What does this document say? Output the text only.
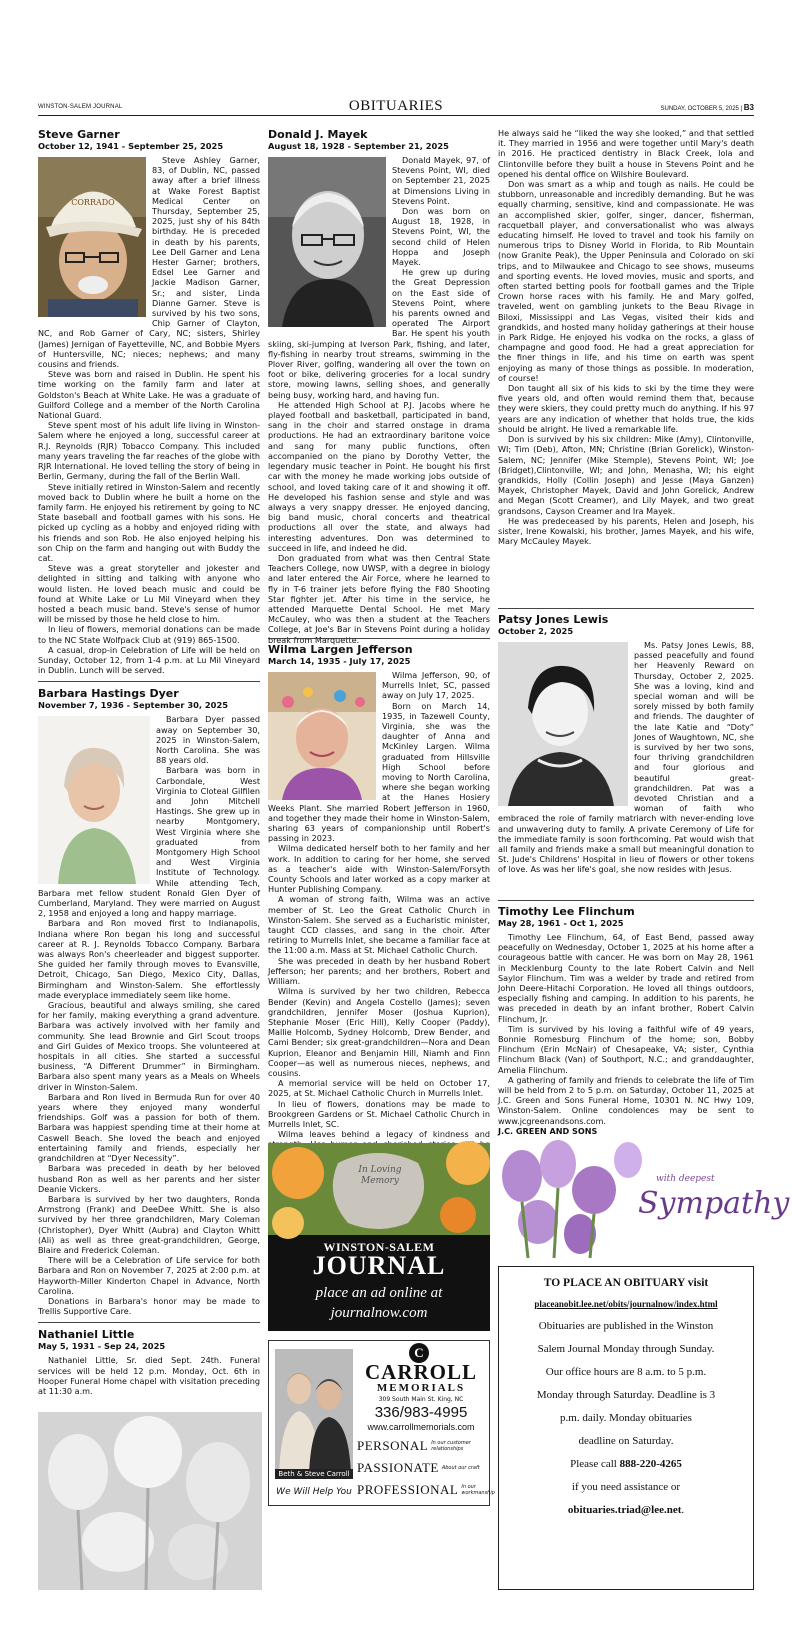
WINSTON-SALEM JOURNAL	OBITUARIES	SUNDAY, OCTOBER 5, 2025 | B3
Steve Garner
October 12, 1941 - September 25, 2025
CORRADO

Steve Ashley Garner, 83, of Dublin, NC, passed away after a brief illness at Wake Forest Baptist Medical Center on Thursday, September 25, 2025, just shy of his 84th birthday. He is preceded in death by his parents, Lee Dell Garner and Lena Hester Garner; brothers, Edsel Lee Garner and Jackie Madison Garner, Sr.; and sister, Linda Dianne Garner. Steve is survived by his two sons, Chip Garner of Clayton, NC, and Rob Garner of Cary, NC; sisters, Shirley (James) Jernigan of Fayetteville, NC, and Bobbie Myers of Huntersville, NC; nieces; nephews; and many cousins and friends.

Steve was born and raised in Dublin. He spent his time working on the family farm and later at Goldston's Beach at White Lake. He was a graduate of Guilford College and a member of the North Carolina National Guard.

Steve spent most of his adult life living in Winston-Salem where he enjoyed a long, successful career at R.J. Reynolds (RJR) Tobacco Company. This included many years traveling the far reaches of the globe with RJR International. He loved telling the story of being in Berlin, Germany, during the fall of the Berlin Wall.

Steve initially retired in Winston-Salem and recently moved back to Dublin where he built a home on the family farm. He enjoyed his retirement by going to NC State baseball and football games with his sons. He picked up cycling as a hobby and enjoyed riding with his friends and son Rob. He also enjoyed helping his son Chip on the farm and hanging out with Buddy the cat.

Steve was a great storyteller and jokester and delighted in sitting and talking with anyone who would listen. He loved beach music and could be found at White Lake or Lu Mil Vineyard when they hosted a beach music band. Steve's sense of humor will be missed by those he held close to him.

In lieu of flowers, memorial donations can be made to the NC State Wolfpack Club at (919) 865-1500.

A casual, drop-in Celebration of Life will be held on Sunday, October 12, from 1-4 p.m. at Lu Mil Vineyard in Dublin. Lunch will be served.

Barbara Hastings Dyer
November 7, 1936 - September 30, 2025

Barbara Dyer passed away on September 30, 2025 in Winston-Salem, North Carolina. She was 88 years old.

Barbara was born in Carbondale, West Virginia to Cloteal Gilfilen and John Mitchell Hastings. She grew up in nearby Montgomery, West Virginia where she graduated from Montgomery High School and West Virginia Institute of Technology. While attending Tech, Barbara met fellow student Ronald Glen Dyer of Cumberland, Maryland. They were married on August 2, 1958 and enjoyed a long and happy marriage.

Barbara and Ron moved first to Indianapolis, Indiana where Ron began his long and successful career at R. J. Reynolds Tobacco Company. Barbara was always Ron's cheerleader and biggest supporter. She guided her family through moves to Evansville, Detroit, Chicago, San Diego, Mexico City, Dallas, Birmingham and Winston-Salem. She effortlessly made everyplace immediately seem like home.

Gracious, beautiful and always smiling, she cared for her family, making everything a grand adventure. Barbara was actively involved with her family and community. She lead Brownie and Girl Scout troops and Girl Guides of Mexico troops. She volunteered at hospitals in all cities. She started a successful business, “A Different Drummer” in Birmingham. Barbara also spent many years as a Meals on Wheels driver in Winston-Salem.

Barbara and Ron lived in Bermuda Run for over 40 years where they enjoyed many wonderful friendships. Golf was a passion for both of them. Barbara was happiest spending time at their home at Caswell Beach. She loved the beach and enjoyed entertaining family and friends, especially her grandchildren at “Dyer Necessity”.

Barbara was preceded in death by her beloved husband Ron as well as her parents and her sister Deanie Vickers.

Barbara is survived by her two daughters, Ronda Armstrong (Frank) and DeeDee Whitt. She is also survived by her three grandchildren, Mary Coleman (Christopher), Dyer Whitt (Aubra) and Clayton Whitt (Ali) as well as three great-grandchildren, George, Blaire and Frederick Coleman.

There will be a Celebration of Life service for both Barbara and Ron on November 7, 2025 at 2:00 p.m. at Hayworth-Miller Kinderton Chapel in Advance, North Carolina.

Donations in Barbara's honor may be made to Trellis Supportive Care.

Nathaniel Little
May 5, 1931 - Sep 24, 2025

Nathaniel Little, Sr. died Sept. 24th. Funeral services will be held 12 p.m. Monday, Oct. 6th in Hooper Funeral Home chapel with visitation preceding at 11:30 a.m.

Donald J. Mayek
August 18, 1928 - September 21, 2025

Donald Mayek, 97, of Stevens Point, WI, died on September 21, 2025 at Dimensions Living in Stevens Point.

Don was born on August 18, 1928, in Stevens Point, WI, the second child of Helen Hoppa and Joseph Mayek.

He grew up during the Great Depression on the East side of Stevens Point, where his parents owned and operated The Airport Bar. He spent his youth skiing, ski-jumping at Iverson Park, fishing, and later, fly-fishing in nearby trout streams, swimming in the Plover River, golfing, wandering all over the town on foot or bike, delivering groceries for a local sundry store, mowing lawns, selling shoes, and generally being busy, working hard, and having fun.

He attended High School at P.J. Jacobs where he played football and basketball, participated in band, sang in the choir and starred onstage in drama productions. He had an extraordinary baritone voice and sang for many public functions, often accompanied on the piano by Dorothy Vetter, the legendary music teacher in Point. He bought his first car with the money he made working jobs outside of school, and loved taking care of it and showing it off. He developed his fashion sense and style and was always a very snappy dresser. He enjoyed dancing, big band music, choral concerts and theatrical productions all over the state, and always had interesting adventures. Don was determined to succeed in life, and indeed he did.

Don graduated from what was then Central State Teachers College, now UWSP, with a degree in biology and later entered the Air Force, where he learned to fly in T-6 trainer jets before flying the F80 Shooting Star fighter jet. After his time in the service, he attended Marquette Dental School. He met Mary McCauley, who was then a student at the Teachers College, at Joe's Bar in Stevens Point during a holiday break from Marquette.

Wilma Largen Jefferson
March 14, 1935 - July 17, 2025

Wilma Jefferson, 90, of Murrells Inlet, SC, passed away on July 17, 2025.

Born on March 14, 1935, in Tazewell County, Virginia, she was the daughter of Anna and McKinley Largen. Wilma graduated from Hillsville High School before moving to North Carolina, where she began working at the Hanes Hosiery Weeks Plant. She married Robert Jefferson in 1960, and together they made their home in Winston-Salem, sharing 63 years of companionship until Robert's passing in 2023.

Wilma dedicated herself both to her family and her work. In addition to caring for her home, she served as a teacher's aide with Winston-Salem/Forsyth County Schools and later worked as a copy marker at Hunter Publishing Company.

A woman of strong faith, Wilma was an active member of St. Leo the Great Catholic Church in Winston-Salem. She served as a Eucharistic minister, taught CCD classes, and sang in the choir. After retiring to Murrells Inlet, she became a familiar face at the 11:00 a.m. Mass at St. Michael Catholic Church.

She was preceded in death by her husband Robert Jefferson; her parents; and her brothers, Robert and William.

Wilma is survived by her two children, Rebecca Bender (Kevin) and Angela Costello (James); seven grandchildren, Jennifer Moser (Joshua Kuprion), Stephanie Moser (Eric Hill), Kelly Cooper (Paddy), Mallie Holcomb, Sydney Holcomb, Drew Bender, and Cami Bender; six great-grandchildren—Nora and Dean Kuprion, Eleanor and Benjamin Hill, Niamh and Finn Cooper—as well as numerous nieces, nephews, and cousins.

A memorial service will be held on October 17, 2025, at St. Michael Catholic Church in Murrells Inlet.

In lieu of flowers, donations may be made to Brookgreen Gardens or St. Michael Catholic Church in Murrells Inlet, SC.

Wilma leaves behind a legacy of kindness and

In Loving Memory
WINSTON-SALEM
JOURNAL
place an ad online at
journalnow.com
Beth & Steve Carroll
We Will Help You
C
CARROLL
MEMORIALS
309 South Main St. King, NC
336/983-4995
www.carrollmemorials.com
PERSONAL In our customer
relationships
PASSIONATE About our craft
PROFESSIONAL In our
workmanship

He always said he “liked the way she looked,” and that settled it. They married in 1956 and were together until Mary's death in 2016. He practiced dentistry in Black Creek, Iola and Clintonville before they built a house in Stevens Point and he opened his dental office on Wilshire Boulevard.

Don was smart as a whip and tough as nails. He could be stubborn, unreasonable and incredibly demanding. But he was equally charming, sensitive, kind and compassionate. He was an accomplished skier, golfer, singer, dancer, fisherman, racquetball player, and conversationalist who was always educating himself. He loved to travel and took his family on numerous trips to Disney World in Florida, to Rib Mountain (now Granite Peak), the Upper Peninsula and Colorado on ski trips, and to Milwaukee and Chicago to see shows, museums and sporting events. He loved movies, music and sports, and often started betting pools for football games and the Triple Crown horse races with his family. He and Mary golfed, traveled, went on gambling junkets to the Beau Rivage in Biloxi, Mississippi and Las Vegas, visited their kids and grandkids, and hosted many holiday gatherings at their house in Park Ridge. He enjoyed his vodka on the rocks, a glass of champagne and good food. He had a great appreciation for the finer things in life, and his time on earth was spent enjoying as many of those things as possible. In moderation, of course!

Don taught all six of his kids to ski by the time they were five years old, and often would remind them that, because they were skiers, they could pretty much do anything. If his 97 years are any indication of whether that holds true, the kids should be alright. He lived a remarkable life.

Don is survived by his six children: Mike (Amy), Clintonville, WI; Tim (Deb), Afton, MN; Christine (Brian Gorelick), Winston-Salem, NC; Jennifer (Mike Stemple), Stevens Point, WI; Joe (Bridget),Clintonville, WI; and John, Menasha, WI; his eight grandkids, Holly (Collin Joseph) and Jesse (Maya Ganzen) Mayek, Christopher Mayek, David and John Gorelick, Andrew and Megan (Scott Creamer), and Lily Mayek, and two great grandsons, Cayson Creamer and Ira Mayek.

He was predeceased by his parents, Helen and Joseph, his sister, Irene Kowalski, his brother, James Mayek, and his wife, Mary McCauley Mayek.

Patsy Jones Lewis
October 2, 2025

Ms. Patsy Jones Lewis, 88, passed peacefully and found her Heavenly Reward on Thursday, October 2, 2025. She was a loving, kind and special woman and will be sorely missed by both family and friends. The daughter of the late Katie and “Doty” Jones of Waughtown, NC, she is survived by her two sons, four thriving grandchildren and four glorious and beautiful great-grandchildren. Pat was a devoted Christian and a woman of faith who embraced the role of family matriarch with never-ending love and unwavering duty to family. A private Ceremony of Life for the immediate family is soon forthcoming. Pat would wish that all family and friends make a small but meaningful donation to St. Jude's Childrens' Hospital in lieu of flowers or other tokens of love. As was her life's goal, she now resides with Jesus.

Timothy Lee Flinchum
May 28, 1961 - Oct 1, 2025

Timothy Lee Flinchum, 64, of East Bend, passed away peacefully on Wednesday, October 1, 2025 at his home after a courageous battle with cancer. He was born on May 28, 1961 in Mecklenburg County to the late Robert Calvin and Nell Saylor Flinchum. Tim was a welder by trade and retired from John Deere-Hitachi Corporation. He loved all things outdoors, especially fishing and camping. In addition to his parents, he was preceded in death by an infant brother, Robert Calvin Flinchum, Jr.

Tim is survived by his loving a faithful wife of 49 years, Bonnie Romesburg Flinchum of the home; son, Bobby Flinchum (Erin McNair) of Chesapeake, VA; sister, Cynthia Flinchum Black (Van) of Southport, N.C.; and granddaughter, Amelia Flinchum.

A gathering of family and friends to celebrate the life of Tim will be held from 2 to 5 p.m. on Saturday, October 11, 2025 at J.C. Green and Sons Funeral Home, 10301 N. NC Hwy 109, Winston-Salem. Online condolences may be sent to www.jcgreenandsons.com.

J.C. GREEN AND SONS

with deepest
Sympathy
TO PLACE AN OBITUARY visit
placeanobit.lee.net/obits/journalnow/index.html
Obituaries are published in the Winston
Salem Journal Monday through Sunday.
Our office hours are 8 a.m. to 5 p.m.
Monday through Saturday. Deadline is 3
p.m. daily. Monday obituaries
deadline on Saturday.
Please call 888-220-4265
if you need assistance or
obituaries.triad@lee.net.
